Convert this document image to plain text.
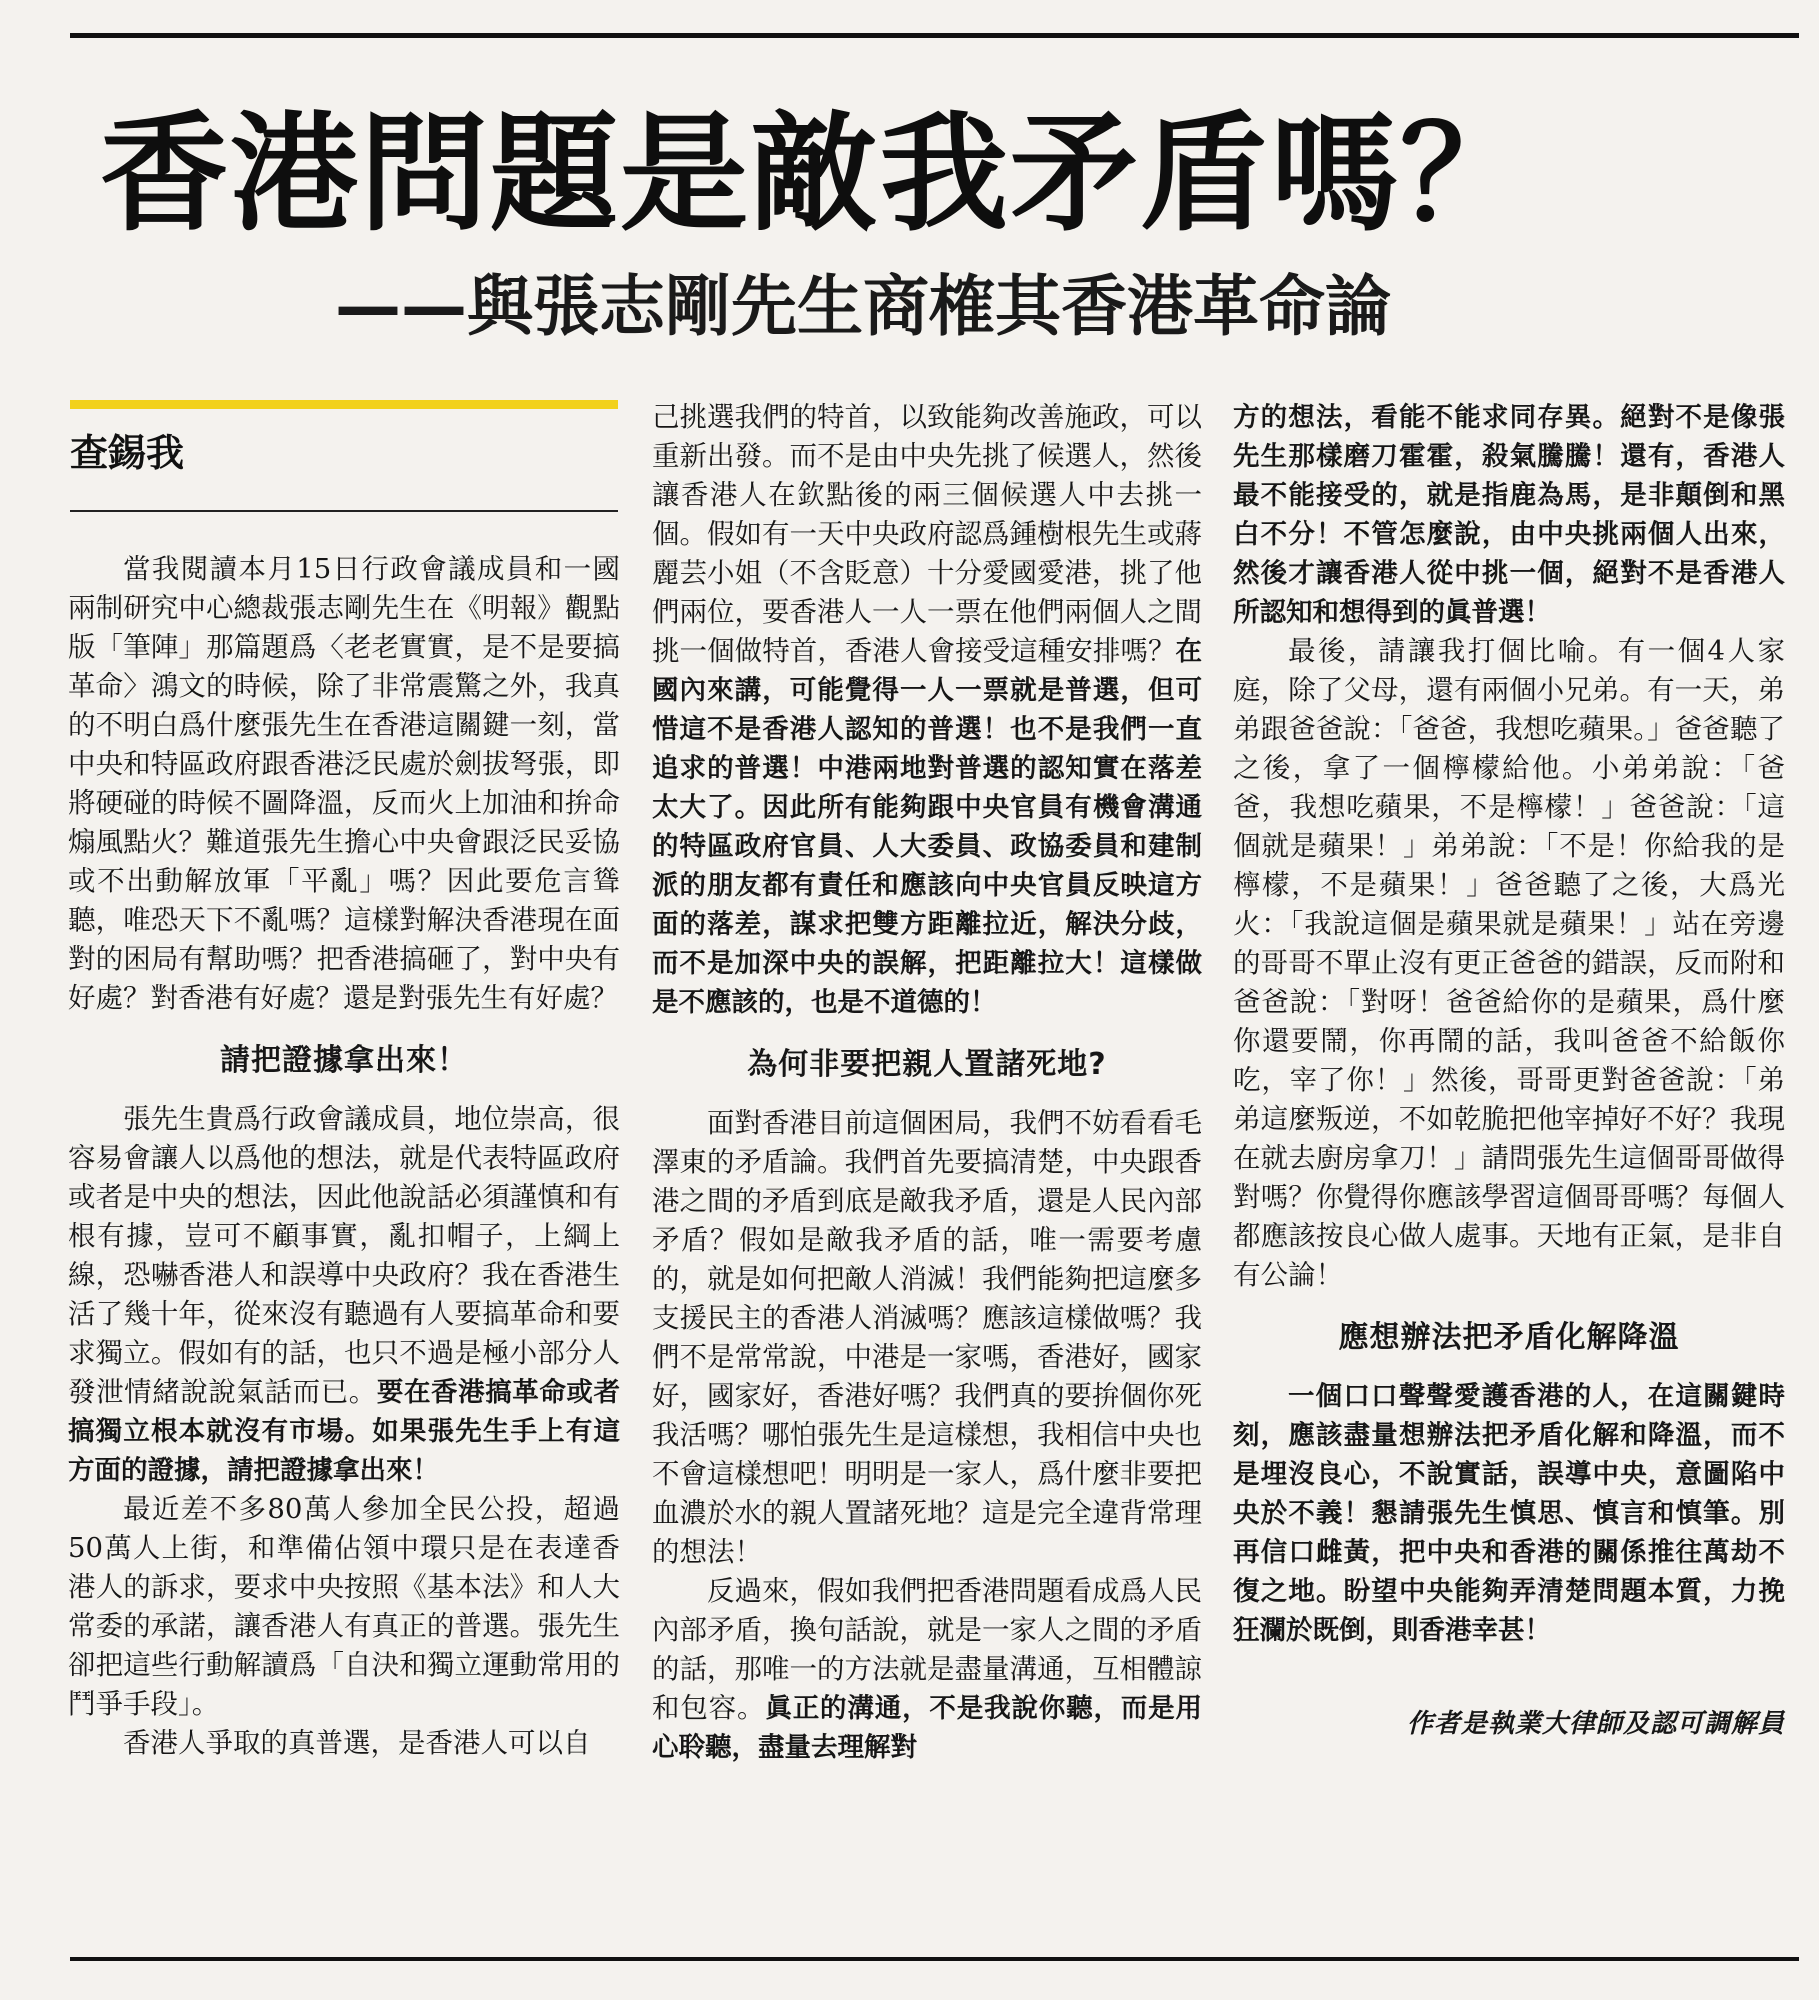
香港問題是敵我矛盾嗎？
——與張志剛先生商榷其香港革命論
查錫我

當我閱讀本月15日行政會議成員和一國兩制研究中心總裁張志剛先生在《明報》觀點版「筆陣」那篇題爲〈老老實實，是不是要搞革命〉鴻文的時候，除了非常震驚之外，我真的不明白爲什麼張先生在香港這關鍵一刻，當中央和特區政府跟香港泛民處於劍拔弩張，即將硬碰的時候不圖降溫，反而火上加油和拚命煽風點火？難道張先生擔心中央會跟泛民妥協或不出動解放軍「平亂」嗎？因此要危言聳聽，唯恐天下不亂嗎？這樣對解決香港現在面對的困局有幫助嗎？把香港搞砸了，對中央有好處？對香港有好處？還是對張先生有好處？

請把證據拿出來！

張先生貴爲行政會議成員，地位崇高，很容易會讓人以爲他的想法，就是代表特區政府或者是中央的想法，因此他說話必須謹慎和有根有據，豈可不顧事實，亂扣帽子，上綱上線，恐嚇香港人和誤導中央政府？我在香港生活了幾十年，從來沒有聽過有人要搞革命和要求獨立。假如有的話，也只不過是極小部分人發泄情緒說說氣話而已。要在香港搞革命或者搞獨立根本就沒有市場。如果張先生手上有這方面的證據，請把證據拿出來！

最近差不多80萬人參加全民公投，超過50萬人上街，和準備佔領中環只是在表達香港人的訴求，要求中央按照《基本法》和人大常委的承諾，讓香港人有真正的普選。張先生卻把這些行動解讀爲「自決和獨立運動常用的鬥爭手段」。

香港人爭取的真普選，是香港人可以自

己挑選我們的特首，以致能夠改善施政，可以重新出發。而不是由中央先挑了候選人，然後讓香港人在欽點後的兩三個候選人中去挑一個。假如有一天中央政府認爲鍾樹根先生或蔣麗芸小姐（不含貶意）十分愛國愛港，挑了他們兩位，要香港人一人一票在他們兩個人之間挑一個做特首，香港人會接受這種安排嗎？在國內來講，可能覺得一人一票就是普選，但可惜這不是香港人認知的普選！也不是我們一直追求的普選！中港兩地對普選的認知實在落差太大了。因此所有能夠跟中央官員有機會溝通的特區政府官員、人大委員、政協委員和建制派的朋友都有責任和應該向中央官員反映這方面的落差，謀求把雙方距離拉近，解決分歧，而不是加深中央的誤解，把距離拉大！這樣做是不應該的，也是不道德的！

為何非要把親人置諸死地?

面對香港目前這個困局，我們不妨看看毛澤東的矛盾論。我們首先要搞清楚，中央跟香港之間的矛盾到底是敵我矛盾，還是人民內部矛盾？假如是敵我矛盾的話，唯一需要考慮的，就是如何把敵人消滅！我們能夠把這麼多支援民主的香港人消滅嗎？應該這樣做嗎？我們不是常常說，中港是一家嗎，香港好，國家好，國家好，香港好嗎？我們真的要拚個你死我活嗎？哪怕張先生是這樣想，我相信中央也不會這樣想吧！明明是一家人，爲什麼非要把血濃於水的親人置諸死地？這是完全違背常理的想法！

反過來，假如我們把香港問題看成爲人民內部矛盾，換句話說，就是一家人之間的矛盾的話，那唯一的方法就是盡量溝通，互相體諒和包容。眞正的溝通，不是我說你聽，而是用心聆聽，盡量去理解對

方的想法，看能不能求同存異。絕對不是像張先生那樣磨刀霍霍，殺氣騰騰！還有，香港人最不能接受的，就是指鹿為馬，是非顛倒和黑白不分！不管怎麼說，由中央挑兩個人出來，然後才讓香港人從中挑一個，絕對不是香港人所認知和想得到的眞普選！

最後，請讓我打個比喻。有一個4人家庭，除了父母，還有兩個小兄弟。有一天，弟弟跟爸爸說：「爸爸，我想吃蘋果。」爸爸聽了之後，拿了一個檸檬給他。小弟弟說：「爸爸，我想吃蘋果，不是檸檬！」爸爸說：「這個就是蘋果！」弟弟說：「不是！你給我的是檸檬，不是蘋果！」爸爸聽了之後，大爲光火：「我說這個是蘋果就是蘋果！」站在旁邊的哥哥不單止沒有更正爸爸的錯誤，反而附和爸爸說：「對呀！爸爸給你的是蘋果，爲什麼你還要鬧，你再鬧的話，我叫爸爸不給飯你吃，宰了你！」然後，哥哥更對爸爸說：「弟弟這麼叛逆，不如乾脆把他宰掉好不好？我現在就去廚房拿刀！」請問張先生這個哥哥做得對嗎？你覺得你應該學習這個哥哥嗎？每個人都應該按良心做人處事。天地有正氣，是非自有公論！

應想辦法把矛盾化解降溫

一個口口聲聲愛護香港的人，在這關鍵時刻，應該盡量想辦法把矛盾化解和降溫，而不是埋沒良心，不說實話，誤導中央，意圖陷中央於不義！懇請張先生慎思、慎言和慎筆。別再信口雌黃，把中央和香港的關係推往萬劫不復之地。盼望中央能夠弄清楚問題本質，力挽狂瀾於既倒，則香港幸甚！

作者是執業大律師及認可調解員
